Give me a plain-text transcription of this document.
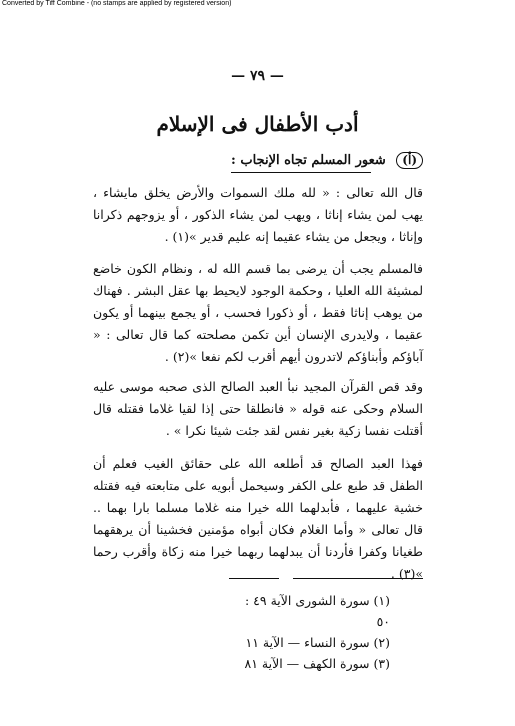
Converted by Tiff Combine - (no stamps are applied by registered version)
— ٧٩ —
أدب الأطفال فى الإسلام
(أ) شعور المسلم تجاه الإنجاب :

قال الله تعالى : « لله ملك السموات والأرض يخلق مايشاء ، يهب لمن يشاء إناثا ، ويهب لمن يشاء الذكور ، أو يزوجهم ذكرانا وإناثا ، ويجعل من يشاء عقيما إنه عليم قدير »(١) .

فالمسلم يجب أن يرضى بما قسم الله له ، ونظام الكون خاضع لمشيئة الله العليا ، وحكمة الوجود لايحيط بها عقل البشر . فهناك من يوهب إناثا فقط ، أو ذكورا فحسب ، أو يجمع بينهما أو يكون عقيما ، ولايدرى الإنسان أين تكمن مصلحته كما قال تعالى : « آباؤكم وأبناؤكم لاتدرون أيهم أقرب لكم نفعا »(٢) .

وقد قص القرآن المجيد نبأ العبد الصالح الذى صحبه موسى عليه السلام وحكى عنه قوله « فانطلقا حتى إذا لقيا غلاما فقتله قال أقتلت نفسا زكية بغير نفس لقد جئت شيئا نكرا » .

فهذا العبد الصالح قد أطلعه الله على حقائق الغيب فعلم أن الطفل قد طبع على الكفر وسيحمل أبويه على متابعته فيه فقتله خشية عليهما ، فأبدلهما الله خيرا منه غلاما مسلما بارا بهما .. قال تعالى « وأما الغلام فكان أبواه مؤمنين فخشينا أن يرهقهما طغيانا وكفرا فأردنا أن يبدلهما ربهما خيرا منه زكاة وأقرب رحما »(٣) .

(١) سورة الشورى الآية ٤٩ : ٥٠
(٢) سورة النساء — الآية ١١
(٣) سورة الكهف — الآية ٨١
